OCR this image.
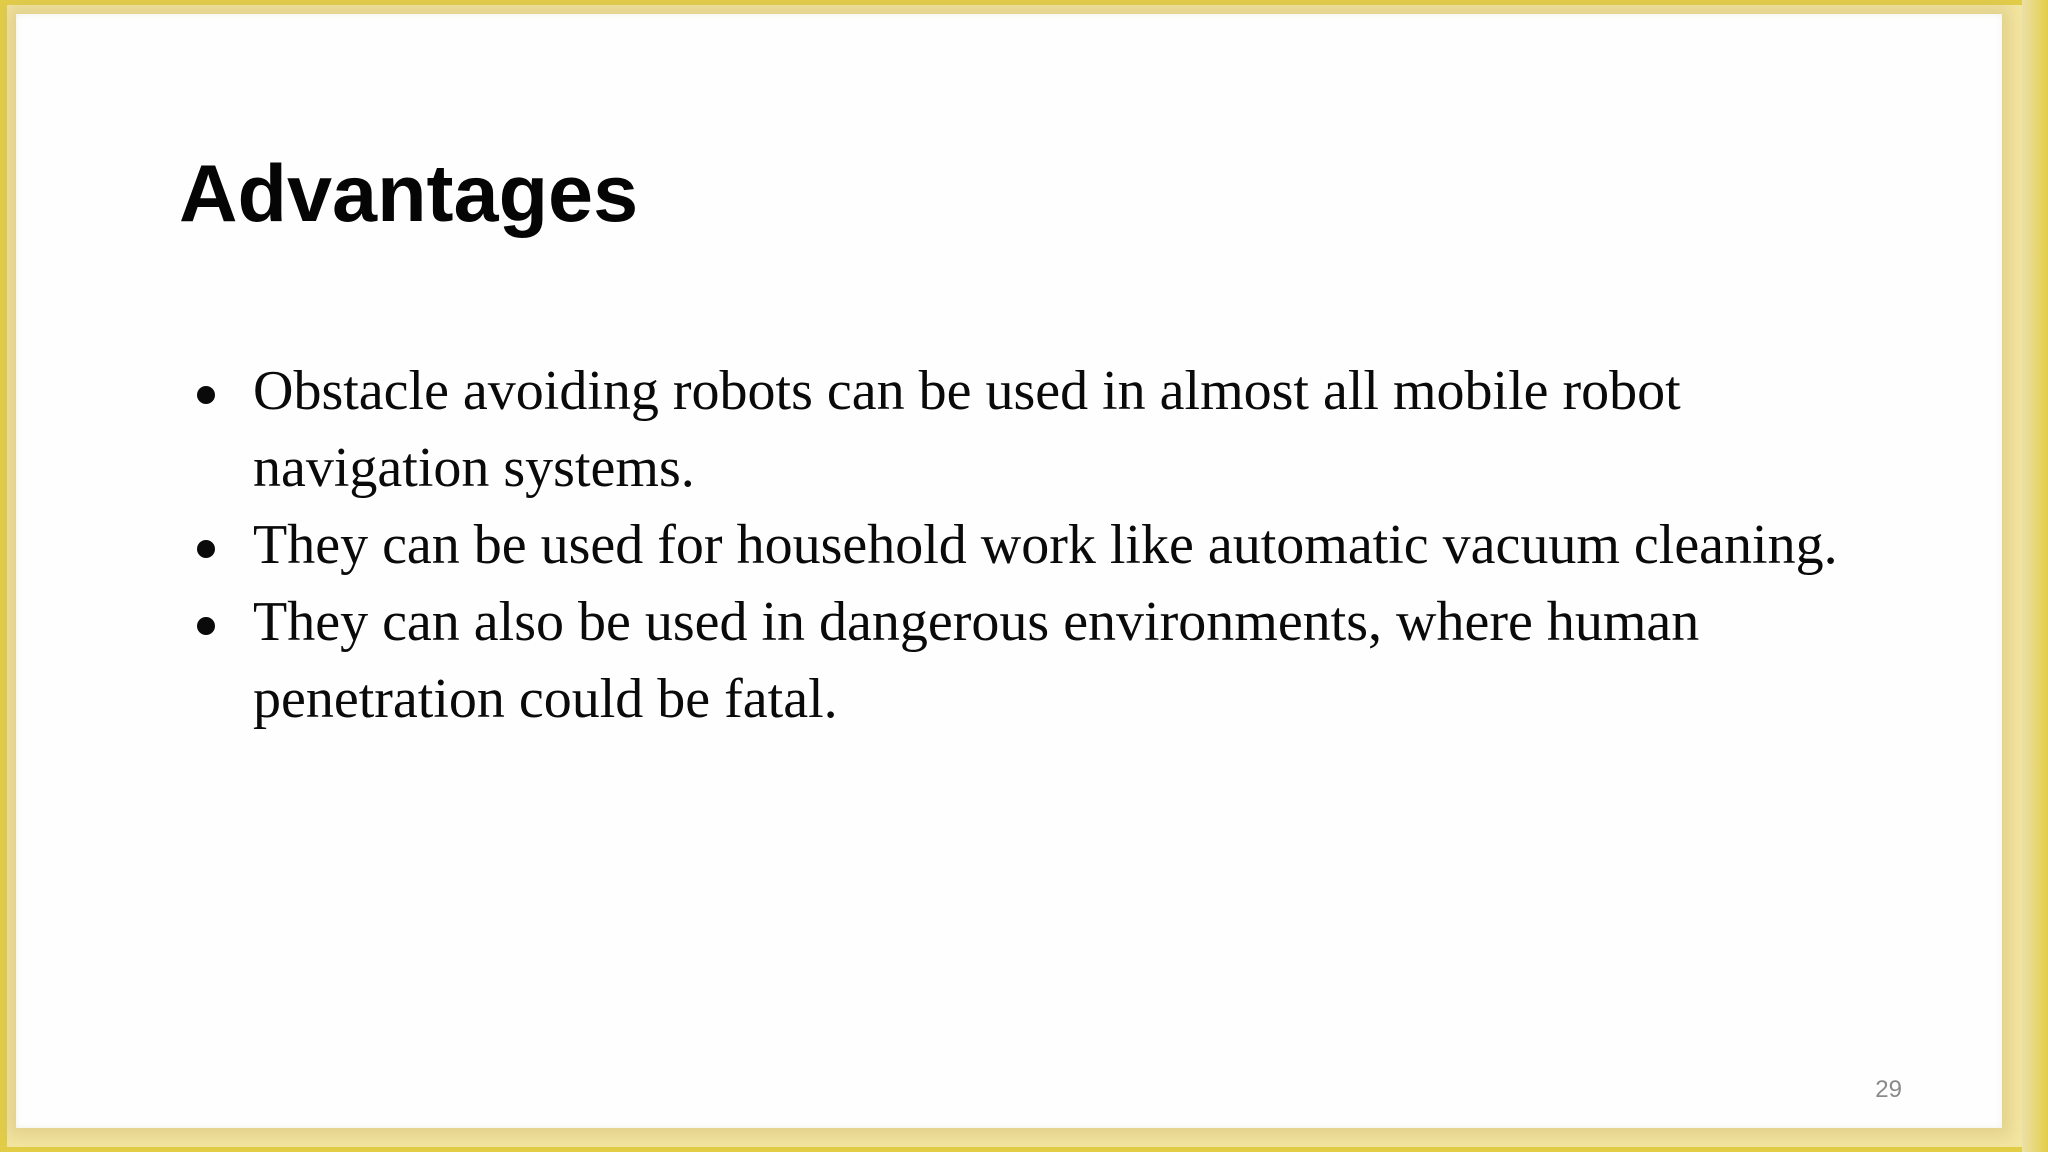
Advantages
Obstacle avoiding robots can be used in almost all mobile robot navigation systems.
They can be used for household work like automatic vacuum cleaning.
They can also be used in dangerous environments, where human penetration could be fatal.
29
